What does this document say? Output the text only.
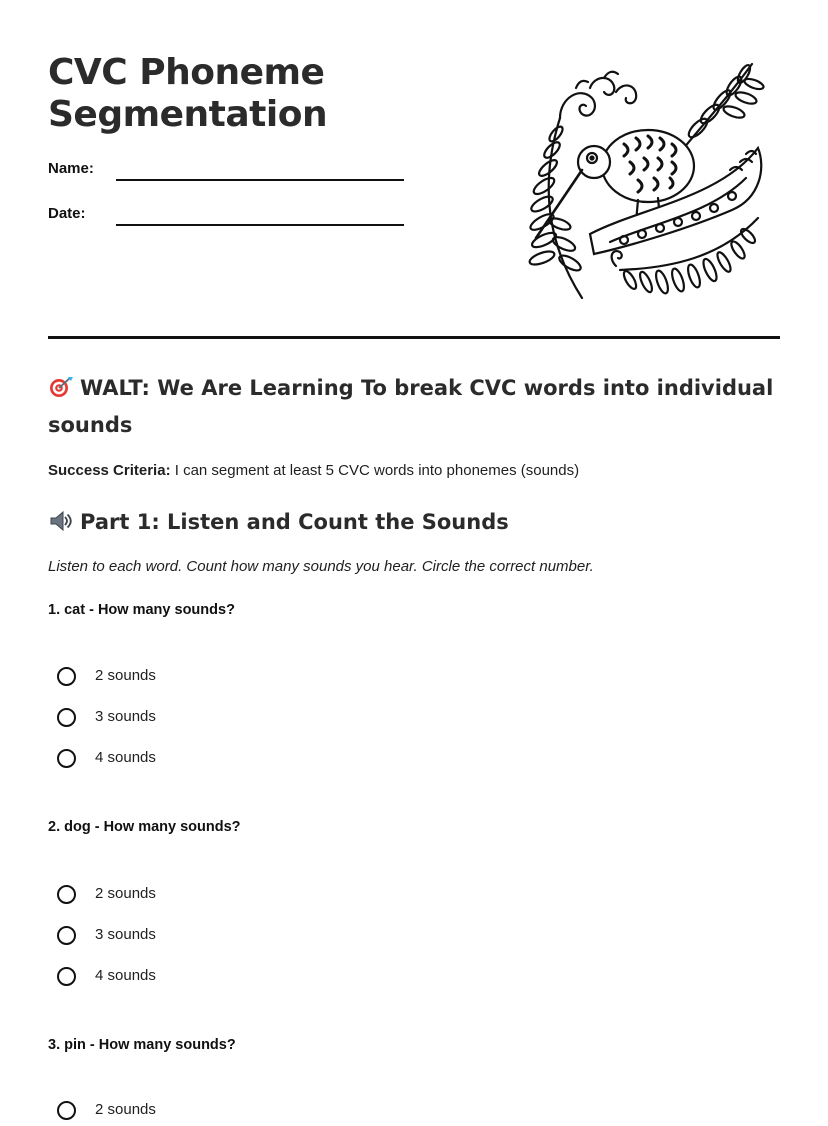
CVC Phoneme
Segmentation
Name:
Date:
WALT: We Are Learning To break CVC words into individual
sounds
Success Criteria: I can segment at least 5 CVC words into phonemes (sounds)
Part 1: Listen and Count the Sounds
Listen to each word. Count how many sounds you hear. Circle the correct number.
1. cat - How many sounds?
2 sounds
3 sounds
4 sounds
2. dog - How many sounds?
2 sounds
3 sounds
4 sounds
3. pin - How many sounds?
2 sounds
